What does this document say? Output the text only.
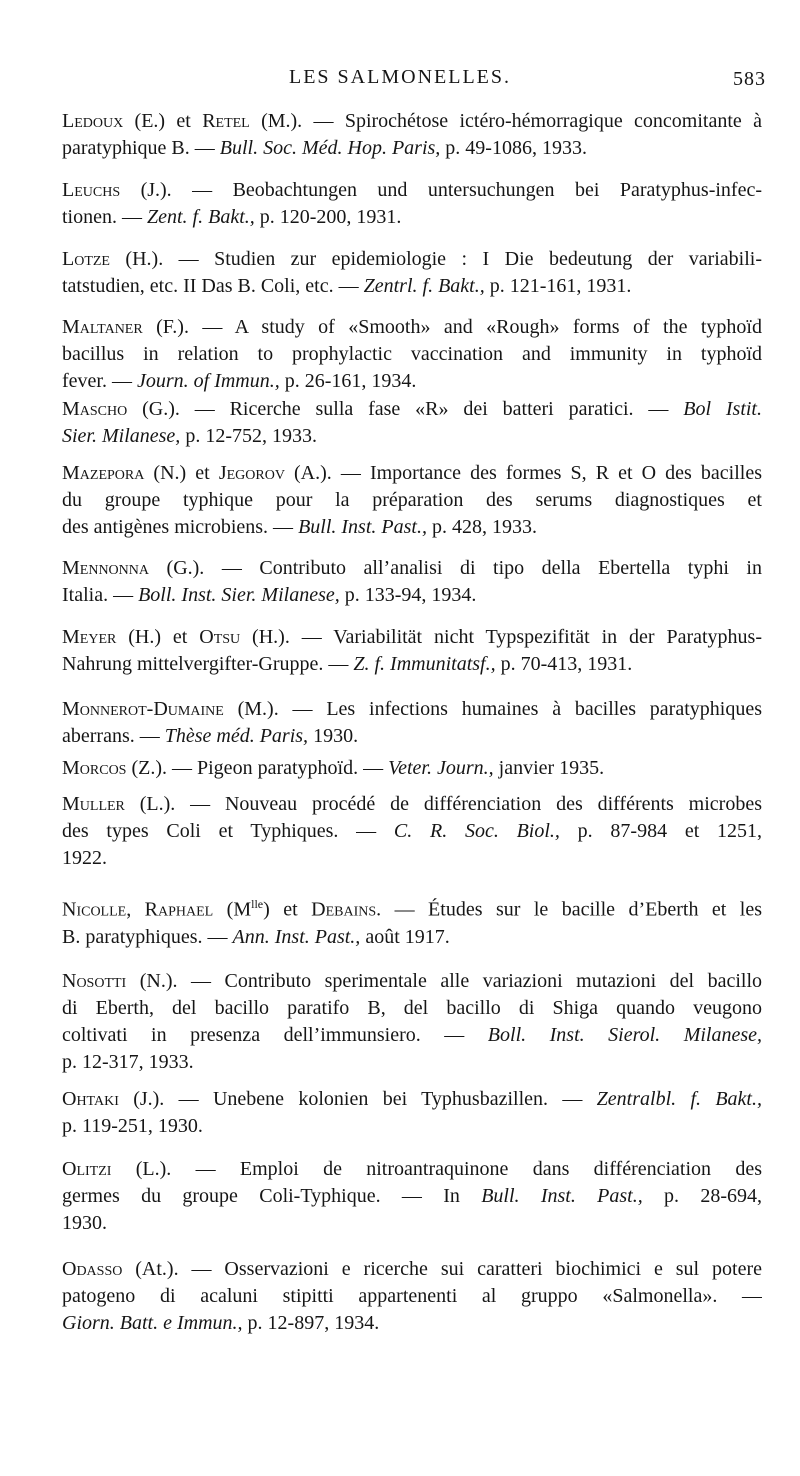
LES SALMONELLES.	583
Ledoux (E.) et Retel (M.). — Spirochétose ictéro-hémorragique concomitante à
paratyphique B. — Bull. Soc. Méd. Hop. Paris, p. 49-1086, 1933.
Leuchs (J.). — Beobachtungen und untersuchungen bei Paratyphus-infec-
tionen. — Zent. f. Bakt., p. 120-200, 1931.
Lotze (H.). — Studien zur epidemiologie : I Die bedeutung der variabili-
tatstudien, etc. II Das B. Coli, etc. — Zentrl. f. Bakt., p. 121-161, 1931.
Maltaner (F.). — A study of «Smooth» and «Rough» forms of the typhoïd
bacillus in relation to prophylactic vaccination and immunity in typhoïd
fever. — Journ. of Immun., p. 26-161, 1934.
Mascho (G.). — Ricerche sulla fase «R» dei batteri paratici. — Bol Istit.
Sier. Milanese, p. 12-752, 1933.
Mazepora (N.) et Jegorov (A.). — Importance des formes S, R et O des bacilles
du groupe typhique pour la préparation des serums diagnostiques et
des antigènes microbiens. — Bull. Inst. Past., p. 428, 1933.
Mennonna (G.). — Contributo all’analisi di tipo della Ebertella typhi in
Italia. — Boll. Inst. Sier. Milanese, p. 133-94, 1934.
Meyer (H.) et Otsu (H.). — Variabilität nicht Typspezifität in der Paratyphus-
Nahrung mittelvergifter-Gruppe. — Z. f. Immunitatsf., p. 70-413, 1931.
Monnerot-Dumaine (M.). — Les infections humaines à bacilles paratyphiques
aberrans. — Thèse méd. Paris, 1930.
Morcos (Z.). — Pigeon paratyphoïd. — Veter. Journ., janvier 1935.
Muller (L.). — Nouveau procédé de différenciation des différents microbes
des types Coli et Typhiques. — C. R. Soc. Biol., p. 87-984 et 1251,
1922.
Nicolle, Raphael $(M^{lle})$ et Debains. — Études sur le bacille d’Eberth et les
B. paratyphiques. — Ann. Inst. Past., août 1917.
Nosotti (N.). — Contributo sperimentale alle variazioni mutazioni del bacillo
di Eberth, del bacillo paratifo B, del bacillo di Shiga quando veugono
coltivati in presenza dell’immunsiero. — Boll. Inst. Sierol. Milanese,
p. 12-317, 1933.
Ohtaki (J.). — Unebene kolonien bei Typhusbazillen. — Zentralbl. f. Bakt.,
p. 119-251, 1930.
Olitzi (L.). — Emploi de nitroantraquinone dans différenciation des
germes du groupe Coli-Typhique. — In Bull. Inst. Past., p. 28-694,
1930.
Odasso (At.). — Osservazioni e ricerche sui caratteri biochimici e sul potere
patogeno di acaluni stipitti appartenenti al gruppo «Salmonella». —
Giorn. Batt. e Immun., p. 12-897, 1934.
